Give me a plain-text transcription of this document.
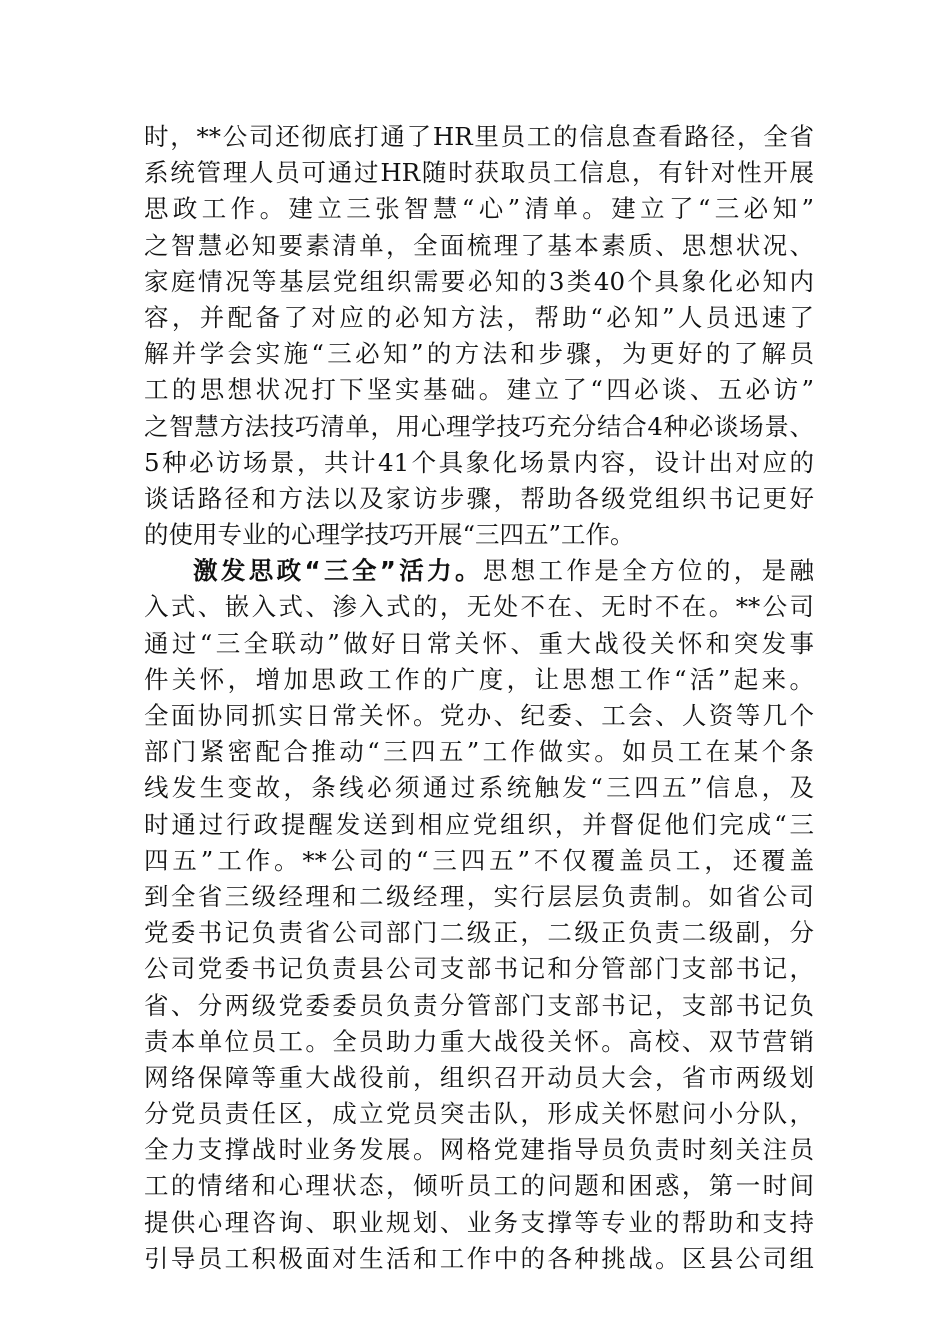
时，**公司还彻底打通了HR里员工的信息查看路径，全省
系统管理人员可通过HR随时获取员工信息，有针对性开展
思政工作。建立三张智慧“心”清单。建立了“三必知”
之智慧必知要素清单，全面梳理了基本素质、思想状况、
家庭情况等基层党组织需要必知的3类40个具象化必知内
容，并配备了对应的必知方法，帮助“必知”人员迅速了
解并学会实施“三必知”的方法和步骤，为更好的了解员
工的思想状况打下坚实基础。建立了“四必谈、五必访”
之智慧方法技巧清单，用心理学技巧充分结合4种必谈场景、
5种必访场景，共计41个具象化场景内容，设计出对应的
谈话路径和方法以及家访步骤，帮助各级党组织书记更好
的使用专业的心理学技巧开展“三四五”工作。
激发思政“三全”活力。思想工作是全方位的，是融
入式、嵌入式、渗入式的，无处不在、无时不在。**公司
通过“三全联动”做好日常关怀、重大战役关怀和突发事
件关怀，增加思政工作的广度，让思想工作“活”起来。
全面协同抓实日常关怀。党办、纪委、工会、人资等几个
部门紧密配合推动“三四五”工作做实。如员工在某个条
线发生变故，条线必须通过系统触发“三四五”信息，及
时通过行政提醒发送到相应党组织，并督促他们完成“三
四五”工作。**公司的“三四五”不仅覆盖员工，还覆盖
到全省三级经理和二级经理，实行层层负责制。如省公司
党委书记负责省公司部门二级正，二级正负责二级副，分
公司党委书记负责县公司支部书记和分管部门支部书记，
省、分两级党委委员负责分管部门支部书记，支部书记负
责本单位员工。全员助力重大战役关怀。高校、双节营销
网络保障等重大战役前，组织召开动员大会，省市两级划
分党员责任区，成立党员突击队，形成关怀慰问小分队，
全力支撑战时业务发展。网格党建指导员负责时刻关注员
工的情绪和心理状态，倾听员工的问题和困惑，第一时间
提供心理咨询、职业规划、业务支撑等专业的帮助和支持
引导员工积极面对生活和工作中的各种挑战。区县公司组
